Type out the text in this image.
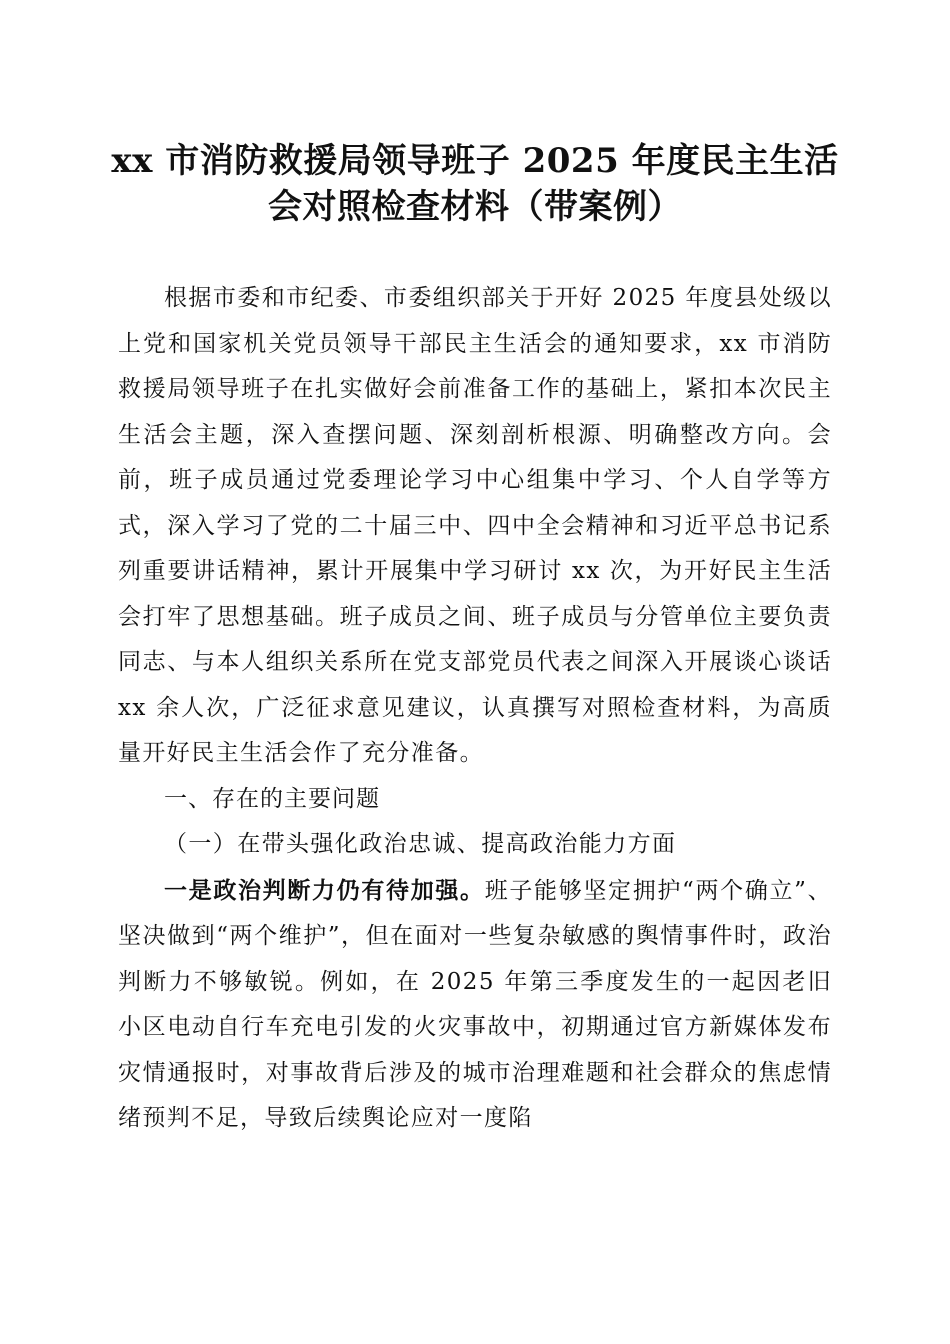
xx 市消防救援局领导班子 2025 年度民主生活
会对照检查材料（带案例）

根据市委和市纪委、市委组织部关于开好 2025 年度县处级以上党和国家机关党员领导干部民主生活会的通知要求，xx 市消防救援局领导班子在扎实做好会前准备工作的基础上，紧扣本次民主生活会主题，深入查摆问题、深刻剖析根源、明确整改方向。会前，班子成员通过党委理论学习中心组集中学习、个人自学等方式，深入学习了党的二十届三中、四中全会精神和习近平总书记系列重要讲话精神，累计开展集中学习研讨 xx 次，为开好民主生活会打牢了思想基础。班子成员之间、班子成员与分管单位主要负责同志、与本人组织关系所在党支部党员代表之间深入开展谈心谈话 xx 余人次，广泛征求意见建议，认真撰写对照检查材料，为高质量开好民主生活会作了充分准备。

一、存在的主要问题

（一）在带头强化政治忠诚、提高政治能力方面

一是政治判断力仍有待加强。班子能够坚定拥护“两个确立”、坚决做到“两个维护”，但在面对一些复杂敏感的舆情事件时，政治判断力不够敏锐。例如，在 2025 年第三季度发生的一起因老旧小区电动自行车充电引发的火灾事故中，初期通过官方新媒体发布灾情通报时，对事故背后涉及的城市治理难题和社会群众的焦虑情绪预判不足，导致后续舆论应对一度陷
